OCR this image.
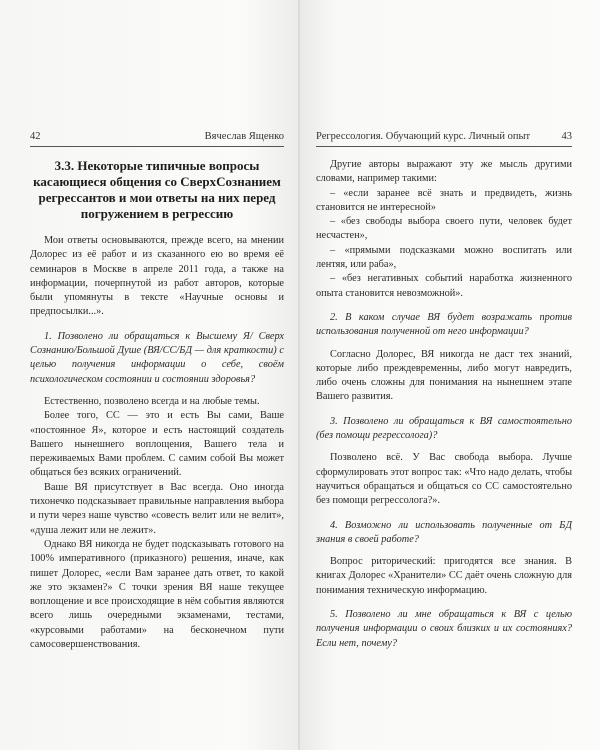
42	Вячеслав Ященко
3.3. Некоторые типичные вопросы касающиеся общения со СверхСознанием регрессантов и мои ответы на них перед погружением в регрессию

Мои ответы основываются, прежде всего, на мнении Долорес из её работ и из сказанного ею во время её семинаров в Москве в апреле 2011 года, а также на информации, почерпнутой из работ авторов, которые были упомянуты в тексте «Научные основы и предпосылки...».

1. Позволено ли обращаться к Высшему Я/ Сверх Сознанию/Большой Душе (ВЯ/СС/БД — для краткости) с целью получения информации о себе, своём психологическом состоянии и состоянии здоровья?

Естественно, позволено всегда и на любые темы.

Более того, СС — это и есть Вы сами, Ваше «постоянное Я», которое и есть настоящий создатель Вашего нынешнего воплощения, Вашего тела и переживаемых Вами проблем. С самим собой Вы может общаться без всяких ограничений.

Ваше ВЯ присутствует в Вас всегда. Оно иногда тихонечко подсказывает правильные направления выбора и пути через наше чувство «совесть велит или не велит», «душа лежит или не лежит».

Однако ВЯ никогда не будет подсказывать готового на 100% императивного (приказного) решения, иначе, как пишет Долорес, «если Вам заранее дать ответ, то какой же это экзамен?» С точки зрения ВЯ наше текущее воплощение и все происходящие в нём события являются всего лишь очередными экзаменами, тестами, «курсовыми работами» на бесконечном пути самосовершенствования.

Регрессология. Обучающий курс. Личный опыт	43

Другие авторы выражают эту же мысль другими словами, например такими:

– «если заранее всё знать и предвидеть, жизнь становится не интересной»

– «без свободы выбора своего пути, человек будет несчастен»,

– «прямыми подсказками можно воспитать или лентяя, или раба»,

– «без негативных событий наработка жизненного опыта становится невозможной».

2. В каком случае ВЯ будет возражать против использования полученной от него информации?

Согласно Долорес, ВЯ никогда не даст тех знаний, которые либо преждевременны, либо могут навредить, либо очень сложны для понимания на нынешнем этапе Вашего развития.

3. Позволено ли обращаться к ВЯ самостоятельно (без помощи регрессолога)?

Позволено всё. У Вас свобода выбора. Лучше сформулировать этот вопрос так: «Что надо делать, чтобы научиться обращаться и общаться со СС самостоятельно без помощи регрессолога?».

4. Возможно ли использовать полученные от БД знания в своей работе?

Вопрос риторический: пригодятся все знания. В книгах Долорес «Хранители» СС даёт очень сложную для понимания техническую информацию.

5. Позволено ли мне обращаться к ВЯ с целью получения информации о своих близких и их состояниях? Если нет, почему?
